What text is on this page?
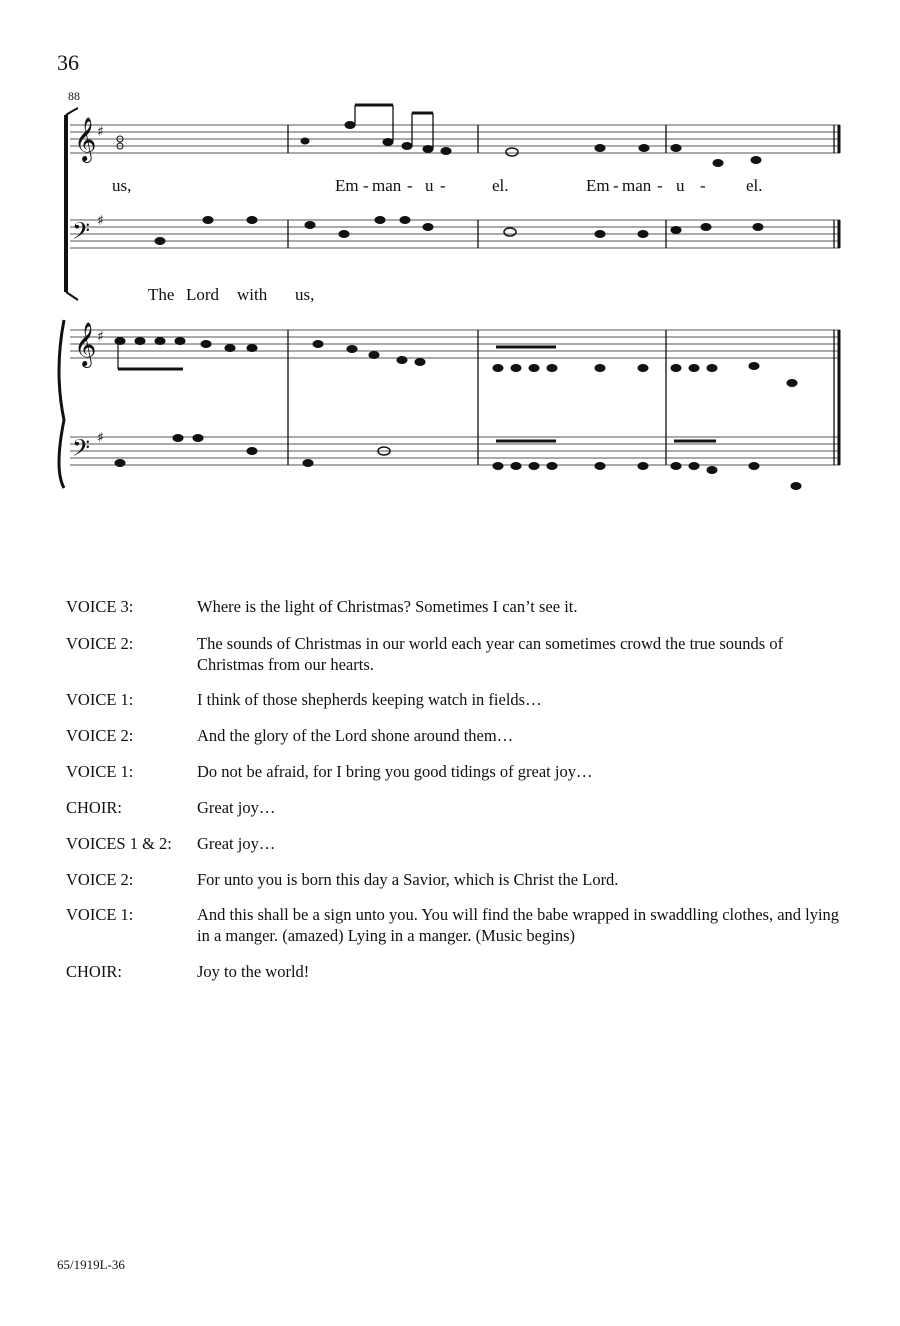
36
88
𝄞
𝄢
𝄞
𝄢
♯
♯
♯
♯
us,	Em - man - u -	el.	Em - man - u - el.
The Lord with us,
VOICE 3:	Where is the light of Christmas? Sometimes I can’t see it.
VOICE 2:	The sounds of Christmas in our world each year can sometimes crowd the true sounds of Christmas from our hearts.
VOICE 1:	I think of those shepherds keeping watch in fields…
VOICE 2:	And the glory of the Lord shone around them…
VOICE 1:	Do not be afraid, for I bring you good tidings of great joy…
CHOIR:	Great joy…
VOICES 1 & 2: Great joy…
VOICE 2:	For unto you is born this day a Savior, which is Christ the Lord.
VOICE 1:	And this shall be a sign unto you. You will find the babe wrapped in swaddling clothes, and lying in a manger. (amazed) Lying in a manger. (Music begins)
CHOIR:	Joy to the world!
65/1919L-36
